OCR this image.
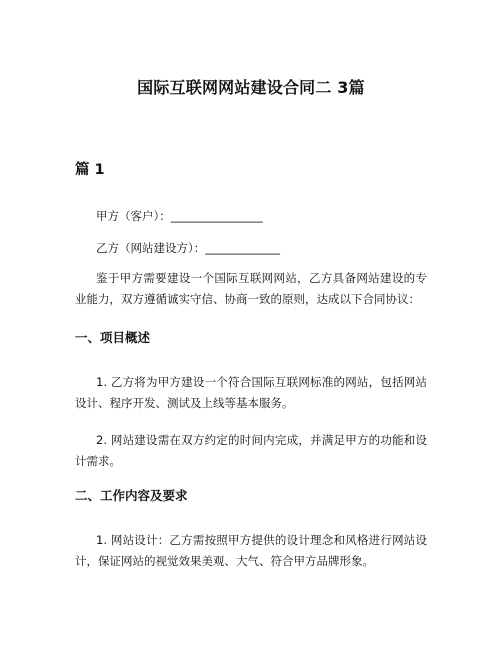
国际互联网网站建设合同二 3篇
篇 1
甲方（客户）：________________
乙方（网站建设方）：_____________
鉴于甲方需要建设一个国际互联网网站，乙方具备网站建设的专业能力，双方遵循诚实守信、协商一致的原则，达成以下合同协议：
一、项目概述
1. 乙方将为甲方建设一个符合国际互联网标准的网站，包括网站设计、程序开发、测试及上线等基本服务。
2. 网站建设需在双方约定的时间内完成，并满足甲方的功能和设计需求。
二、工作内容及要求
1. 网站设计：乙方需按照甲方提供的设计理念和风格进行网站设计，保证网站的视觉效果美观、大气、符合甲方品牌形象。
